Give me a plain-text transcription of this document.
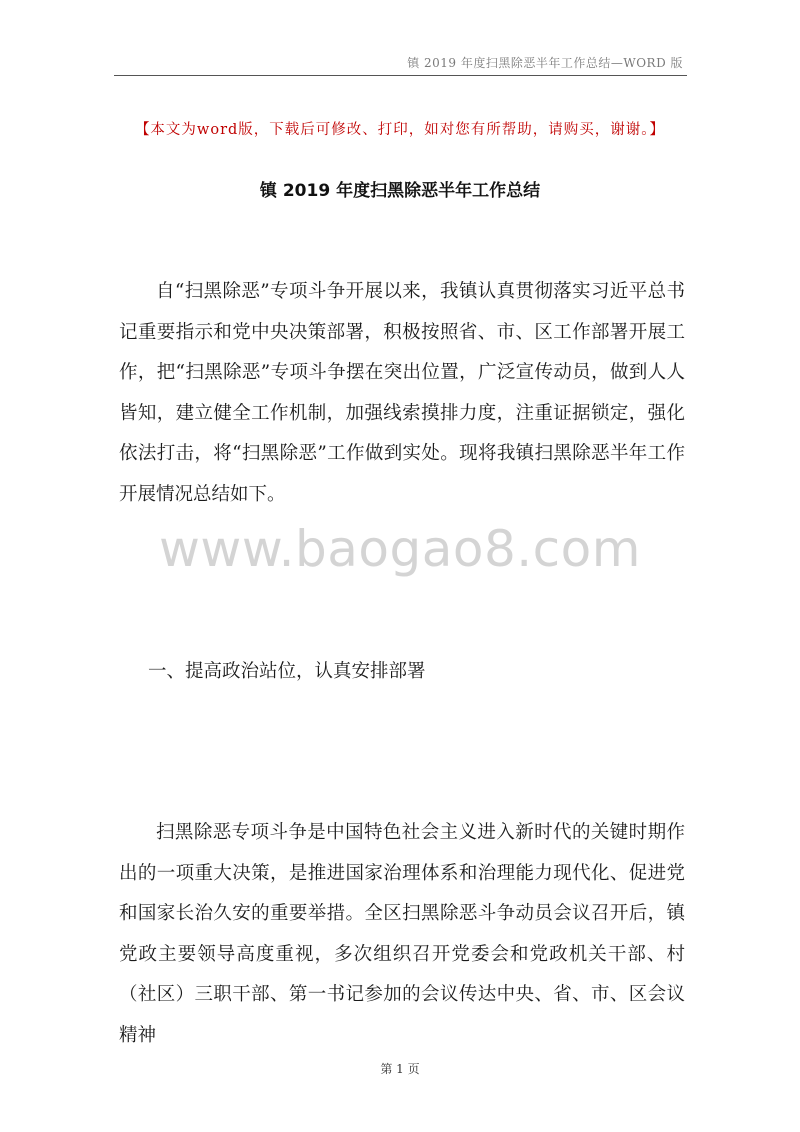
镇 2019 年度扫黑除恶半年工作总结—WORD 版
【本文为word版，下载后可修改、打印，如对您有所帮助，请购买，谢谢。】
镇 2019 年度扫黑除恶半年工作总结

自“扫黑除恶”专项斗争开展以来，我镇认真贯彻落实习近平总书记重要指示和党中央决策部署，积极按照省、市、区工作部署开展工作，把“扫黑除恶”专项斗争摆在突出位置，广泛宣传动员，做到人人皆知，建立健全工作机制，加强线索摸排力度，注重证据锁定，强化依法打击，将“扫黑除恶”工作做到实处。现将我镇扫黑除恶半年工作开展情况总结如下。

www.baogao8.com
一、提高政治站位，认真安排部署

扫黑除恶专项斗争是中国特色社会主义进入新时代的关键时期作出的一项重大决策，是推进国家治理体系和治理能力现代化、促进党和国家长治久安的重要举措。全区扫黑除恶斗争动员会议召开后，镇党政主要领导高度重视，多次组织召开党委会和党政机关干部、村（社区）三职干部、第一书记参加的会议传达中央、省、市、区会议精神

第 1 页
